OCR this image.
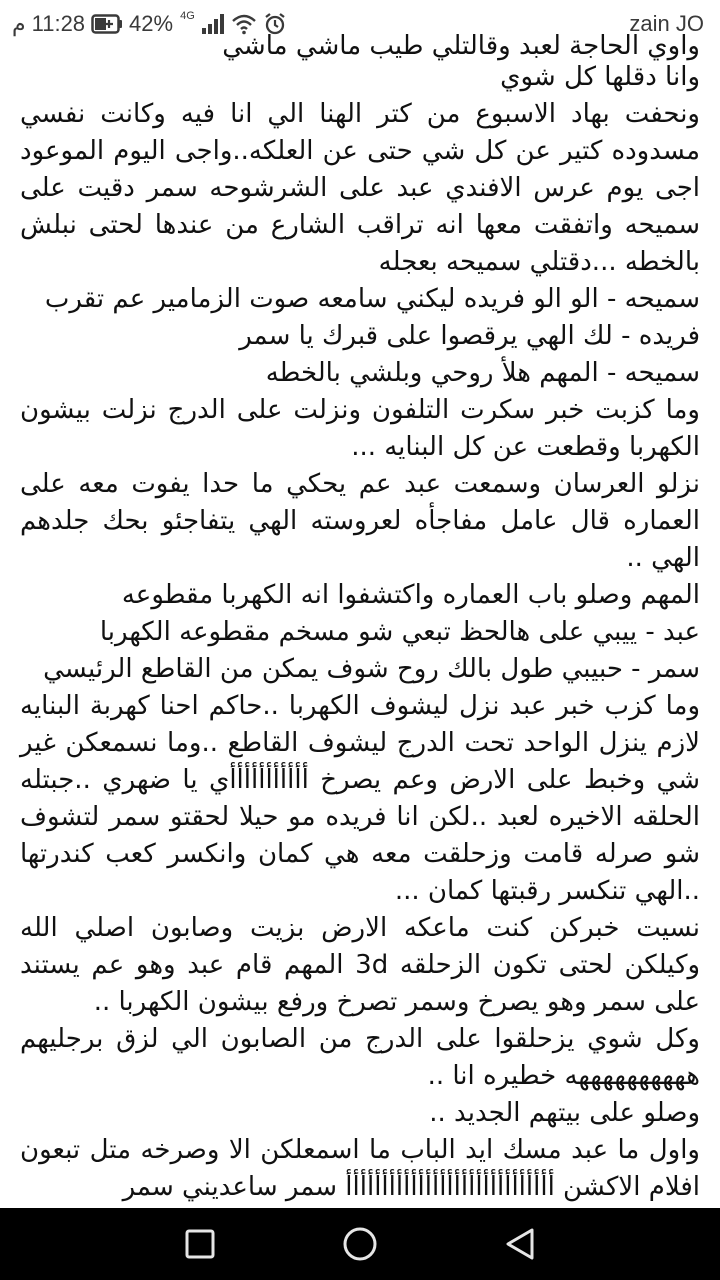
م 11:28 42% 4G	zain JO
واوي الحاجة لعبد وقالتلي طيب ماشي ماشي

وانا دقلها كل شوي

ونحفت بهاد الاسبوع من كتر الهنا الي انا فيه وكانت نفسي مسدوده كتير عن كل شي حتى عن العلكه..واجى اليوم الموعود اجى يوم عرس الافندي عبد على الشرشوحه سمر دقيت على سميحه واتفقت معها انه تراقب الشارع من عندها لحتى نبلش بالخطه ...دقتلي سميحه بعجله

سميحه - الو الو فريده ليكني سامعه صوت الزمامير عم تقرب

فريده - لك الهي يرقصوا على قبرك يا سمر

سميحه - المهم هلأ روحي وبلشي بالخطه

وما كزبت خبر سكرت التلفون ونزلت على الدرج نزلت بيشون الكهربا وقطعت عن كل البنايه ...

نزلو العرسان وسمعت عبد عم يحكي ما حدا يفوت معه على العماره قال عامل مفاجأه لعروسته الهي يتفاجئو بحك جلدهم الهي ..

المهم وصلو باب العماره واكتشفوا انه الكهربا مقطوعه

عبد - ييبي على هالحظ تبعي شو مسخم مقطوعه الكهربا

سمر - حبيبي طول بالك روح شوف يمكن من القاطع الرئيسي

وما كزب خبر عبد نزل ليشوف الكهربا ..حاكم احنا كهربة البنايه لازم ينزل الواحد تحت الدرج ليشوف القاطع ..وما نسمعكن غير شي وخبط على الارض وعم يصرخ أأأأأأأأأأأي يا ضهري ..جبتله الحلقه الاخيره لعبد ..لكن انا فريده مو حيلا لحقتو سمر لتشوف شو صرله قامت وزحلقت معه هي كمان وانكسر كعب كندرتها ..الهي تنكسر رقبتها كمان ...

نسيت خبركن كنت ماعكه الارض بزيت وصابون اصلي الله وكيلكن لحتى تكون الزحلقه 3d المهم قام عبد وهو عم يستند على سمر وهو يصرخ وسمر تصرخ ورفع بيشون الكهربا ..

وكل شوي يزحلقوا على الدرج من الصابون الي لزق برجليهم ههههههههههه خطيره انا ..

وصلو على بيتهم الجديد ..

واول ما عبد مسك ايد الباب ما اسمعلكن الا وصرخه متل تبعون افلام الاكشن أأأأأأأأأأأأأأأأأأأأأأأأأأأأأ سمر ساعديني سمر
